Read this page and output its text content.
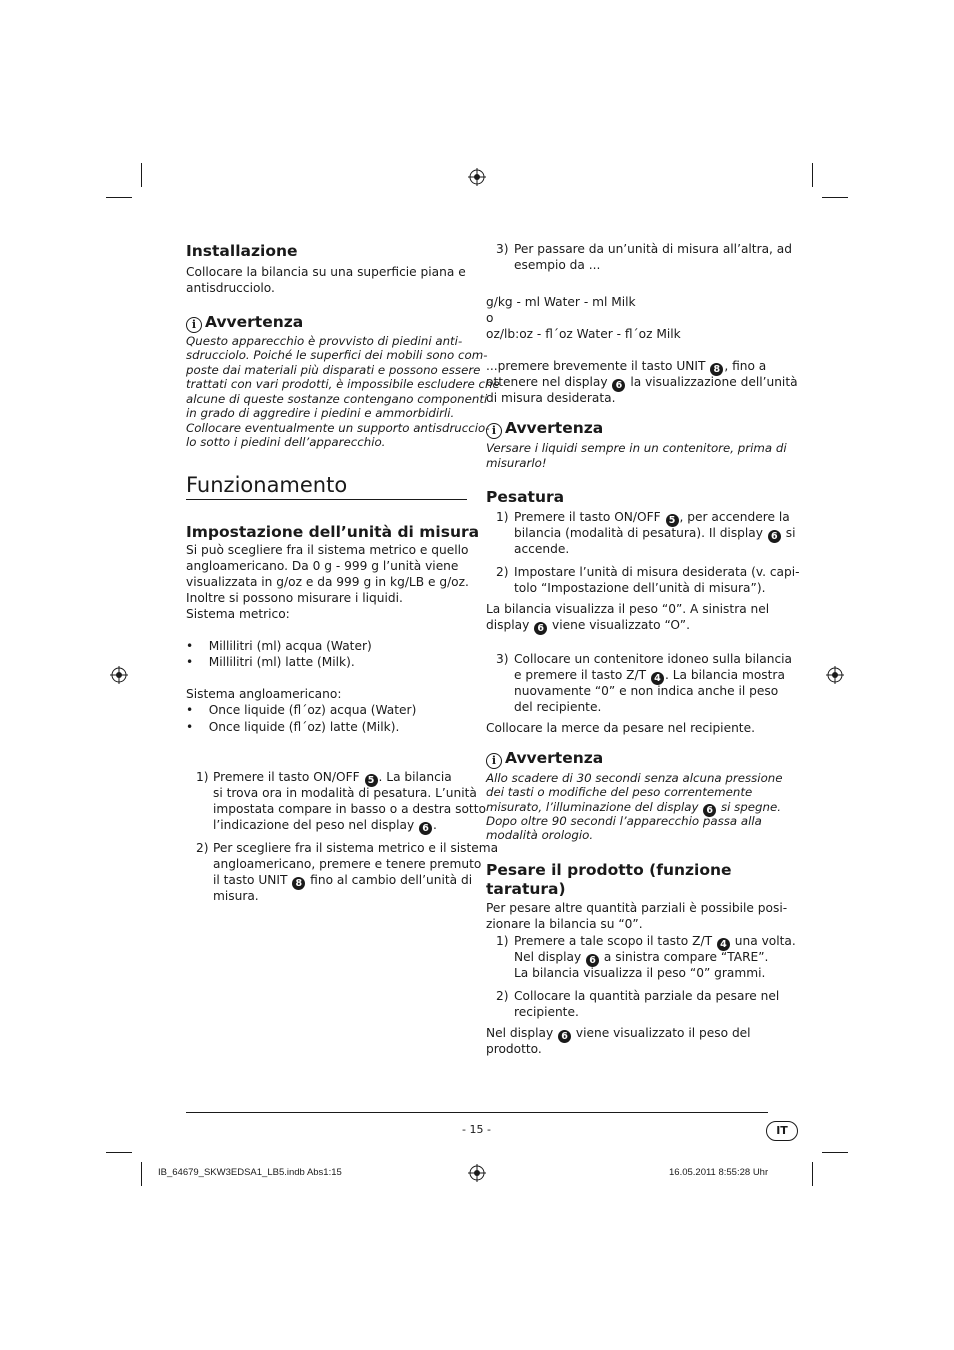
Installazione
Collocare la bilancia su una superficie piana e
antisdrucciolo.
i Avvertenza
Questo apparecchio è provvisto di piedini anti-
sdrucciolo. Poiché le superfici dei mobili sono com-
poste dai materiali più disparati e possono essere
trattati con vari prodotti, è impossibile escludere che
alcune di queste sostanze contengano componenti
in grado di aggredire i piedini e ammorbidirli.
Collocare eventualmente un supporto antisdruccio-
lo sotto i piedini dell’apparecchio.
Funzionamento
Impostazione dell’unità di misura
Si può scegliere fra il sistema metrico e quello
angloamericano. Da 0 g - 999 g l’unità viene
visualizzata in g/oz e da 999 g in kg/LB e g/oz.
Inoltre si possono misurare i liquidi.
Sistema metrico:
•    Millilitri (ml) acqua (Water)
•    Millilitri (ml) latte (Milk).
Sistema angloamericano:
•    Once liquide (fl´oz) acqua (Water)
•    Once liquide (fl´oz) latte (Milk).
1) Premere il tasto ON/OFF 5 . La bilancia
si trova ora in modalità di pesatura. L’unità
impostata compare in basso o a destra sotto
l’indicazione del peso nel display 6 .
2) Per scegliere fra il sistema metrico e il sistema
angloamericano, premere e tenere premuto
il tasto UNIT 8 fino al cambio dell’unità di
misura.
3) Per passare da un’unità di misura all’altra, ad
esempio da ...
g/kg - ml Water - ml Milk
o
oz/lb:oz - fl´oz Water - fl´oz Milk
...premere brevemente il tasto UNIT 8 , fino a
ottenere nel display 6 la visualizzazione dell’unità
di misura desiderata.
i Avvertenza
Versare i liquidi sempre in un contenitore, prima di
misurarlo!
Pesatura
1) Premere il tasto ON/OFF 5 , per accendere la
bilancia (modalità di pesatura). Il display 6 si
accende.
2) Impostare l’unità di misura desiderata (v. capi-
tolo “Impostazione dell’unità di misura”).
La bilancia visualizza il peso “0”. A sinistra nel
display 6 viene visualizzato “O”.
3) Collocare un contenitore idoneo sulla bilancia
e premere il tasto Z/T 4 . La bilancia mostra
nuovamente “0” e non indica anche il peso
del recipiente.
Collocare la merce da pesare nel recipiente.
i Avvertenza
Allo scadere di 30 secondi senza alcuna pressione
dei tasti o modifiche del peso correntemente
misurato, l’illuminazione del display 6 si spegne.
Dopo oltre 90 secondi l’apparecchio passa alla
modalità orologio.
Pesare il prodotto (funzione
taratura)
Per pesare altre quantità parziali è possibile posi-
zionare la bilancia su “0”.
1) Premere a tale scopo il tasto Z/T 4 una volta.
Nel display 6 a sinistra compare “TARE”.
La bilancia visualizza il peso “0” grammi.
2) Collocare la quantità parziale da pesare nel
recipiente.
Nel display 6 viene visualizzato il peso del
prodotto.
- 15 -	IT
IB_64679_SKW3EDSA1_LB5.indb Abs1:15	16.05.2011 8:55:28 Uhr
